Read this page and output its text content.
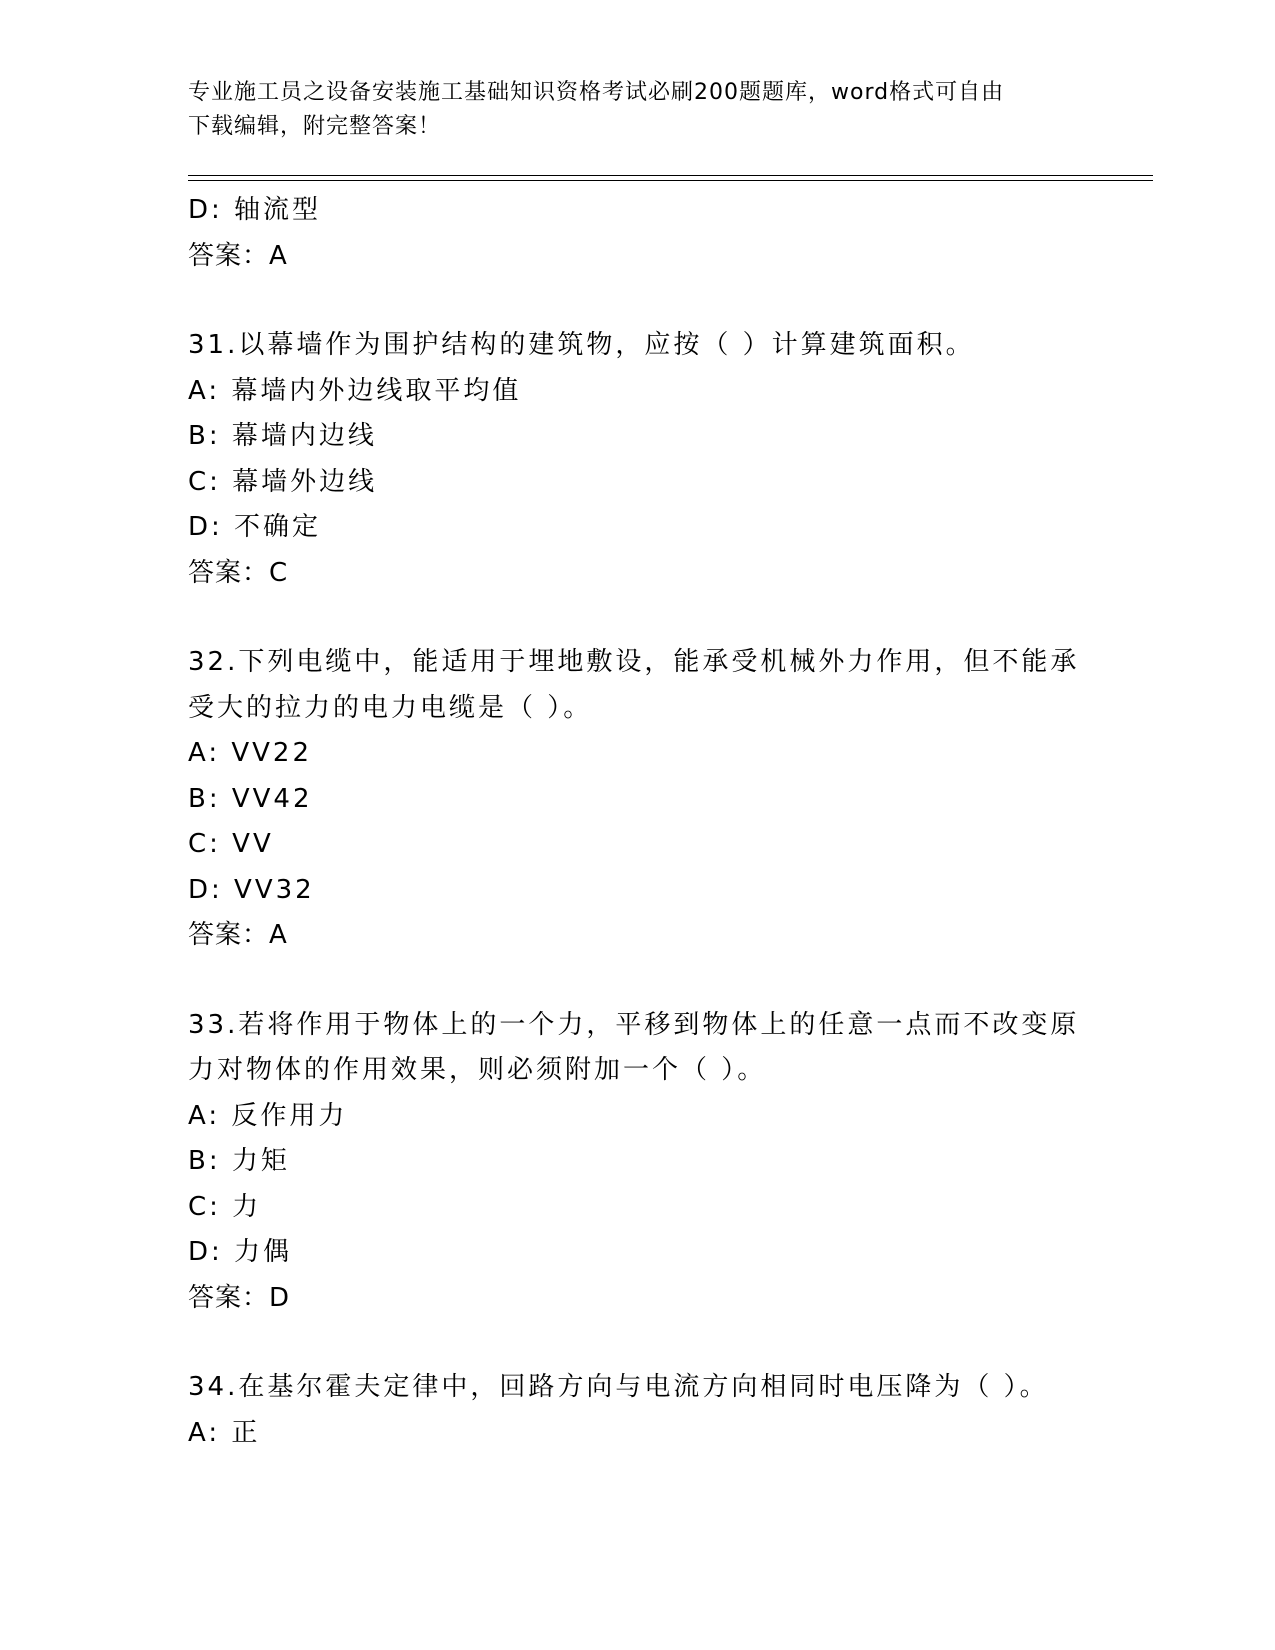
专业施工员之设备安装施工基础知识资格考试必刷200题题库，word格式可自由
下载编辑，附完整答案！
D: 轴流型
答案：A
31.以幕墙作为围护结构的建筑物，应按（ ）计算建筑面积。
A: 幕墙内外边线取平均值
B: 幕墙内边线
C: 幕墙外边线
D: 不确定
答案：C
32.下列电缆中，能适用于埋地敷设，能承受机械外力作用，但不能承
受大的拉力的电力电缆是（ ）。
A: VV22
B: VV42
C: VV
D: VV32
答案：A
33.若将作用于物体上的一个力，平移到物体上的任意一点而不改变原
力对物体的作用效果，则必须附加一个（ ）。
A: 反作用力
B: 力矩
C: 力
D: 力偶
答案：D
34.在基尔霍夫定律中，回路方向与电流方向相同时电压降为（ ）。
A: 正
